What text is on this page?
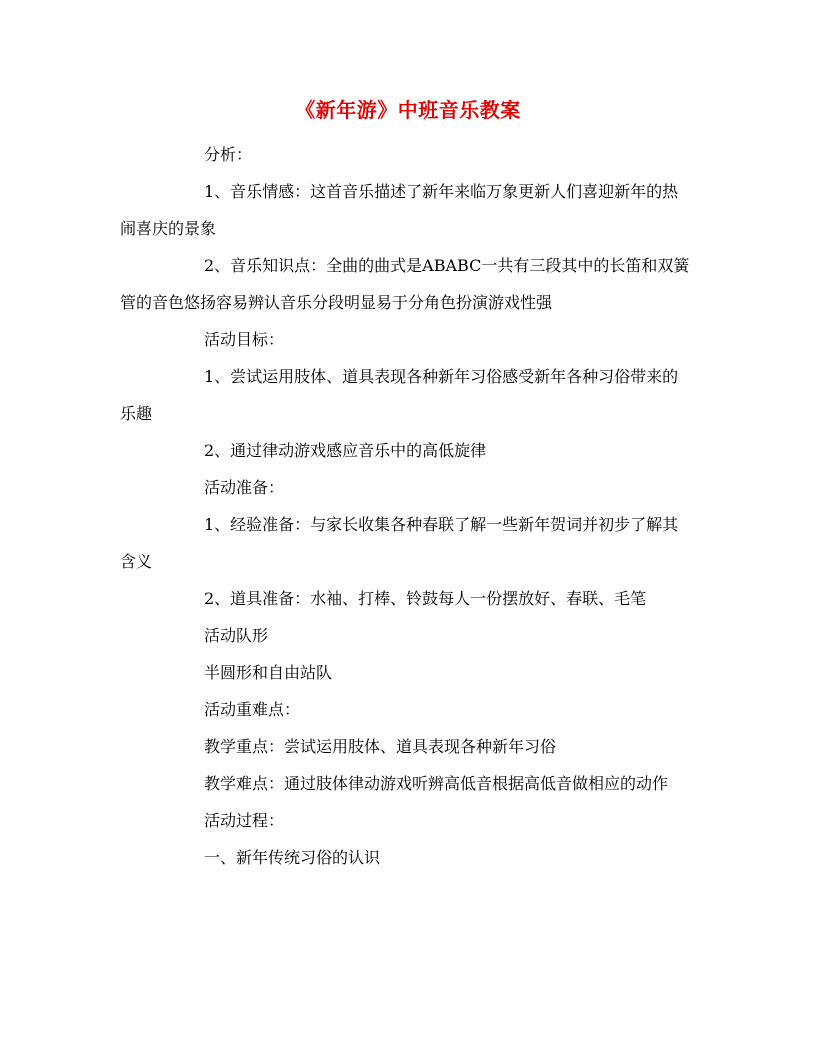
《新年游》中班音乐教案

分析：

1、音乐情感：这首音乐描述了新年来临万象更新人们喜迎新年的热闹喜庆的景象

2、音乐知识点：全曲的曲式是ABABC一共有三段其中的长笛和双簧管的音色悠扬容易辨认音乐分段明显易于分角色扮演游戏性强

活动目标：

1、尝试运用肢体、道具表现各种新年习俗感受新年各种习俗带来的乐趣

2、通过律动游戏感应音乐中的高低旋律

活动准备：

1、经验准备：与家长收集各种春联了解一些新年贺词并初步了解其含义

2、道具准备：水袖、打棒、铃鼓每人一份摆放好、春联、毛笔

活动队形

半圆形和自由站队

活动重难点：

教学重点：尝试运用肢体、道具表现各种新年习俗

教学难点：通过肢体律动游戏听辨高低音根据高低音做相应的动作

活动过程：

一、新年传统习俗的认识
